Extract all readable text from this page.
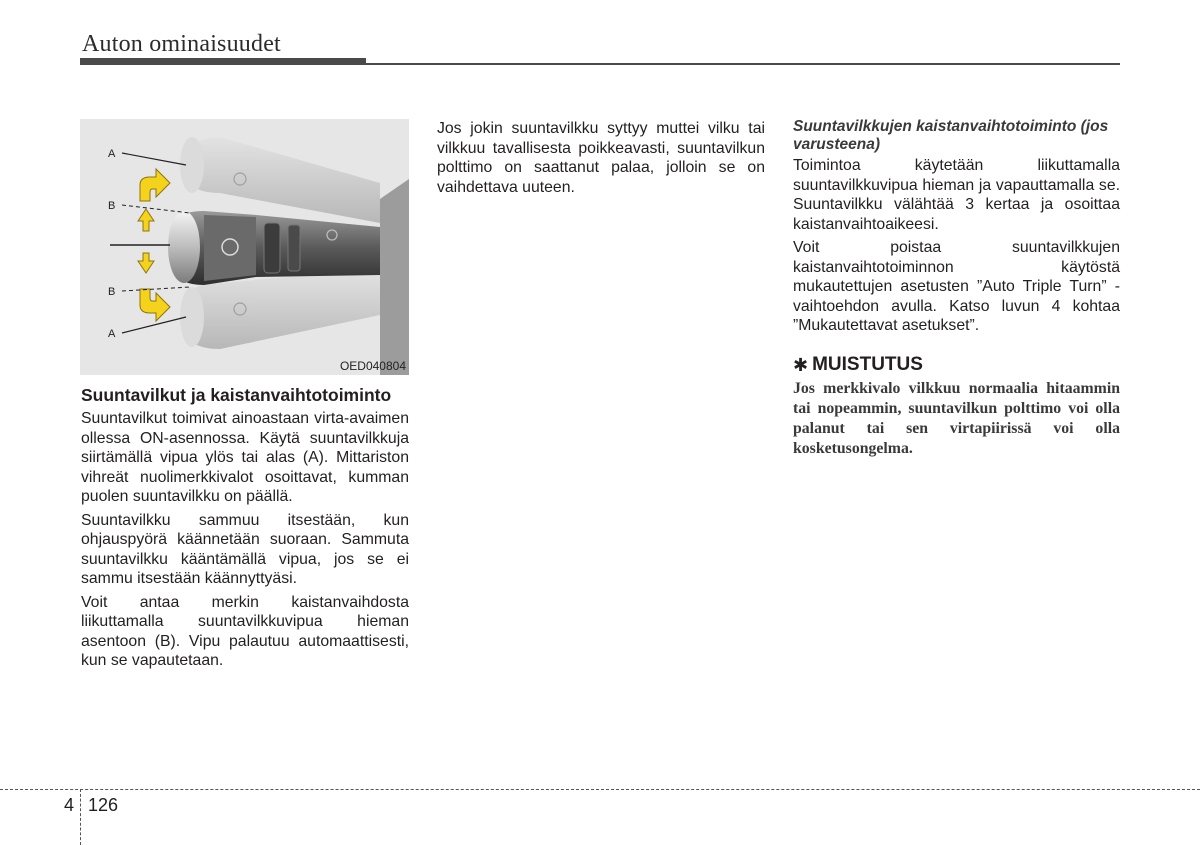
Auton ominaisuudet
A
B
B
A
OED040804
Suuntavilkut ja kaistanvaihtotoiminto

Suuntavilkut toimivat ainoastaan virta-avaimen ollessa ON-asennossa. Käytä suuntavilkkuja siirtämällä vipua ylös tai alas (A). Mittariston vihreät nuolimerkkivalot osoittavat, kumman puolen suuntavilkku on päällä.

Suuntavilkku sammuu itsestään, kun ohjauspyörä käännetään suoraan. Sammuta suuntavilkku kääntämällä vipua, jos se ei sammu itsestään käännyttyäsi.

Voit antaa merkin kaistanvaihdosta liikuttamalla suuntavilkkuvipua hieman asentoon (B). Vipu palautuu automaattisesti, kun se vapautetaan.

Jos jokin suuntavilkku syttyy muttei vilku tai vilkkuu tavallisesta poikkeavasti, suuntavilkun polttimo on saattanut palaa, jolloin se on vaihdettava uuteen.

Suuntavilkkujen kaistanvaihtotoiminto (jos varusteena)

Toimintoa käytetään liikuttamalla suuntavilkkuvipua hieman ja vapauttamalla se. Suuntavilkku välähtää 3 kertaa ja osoittaa kaistanvaihtoaikeesi.

Voit poistaa suuntavilkkujen kaistanvaihtotoiminnon käytöstä mukautettujen asetusten ”Auto Triple Turn” -vaihtoehdon avulla. Katso luvun 4 kohtaa ”Mukautettavat asetukset”.

✱ MUISTUTUS
Jos merkkivalo vilkkuu normaalia hitaammin tai nopeammin, suuntavilkun polttimo voi olla palanut tai sen virtapiirissä voi olla kosketusongelma.
4 126
